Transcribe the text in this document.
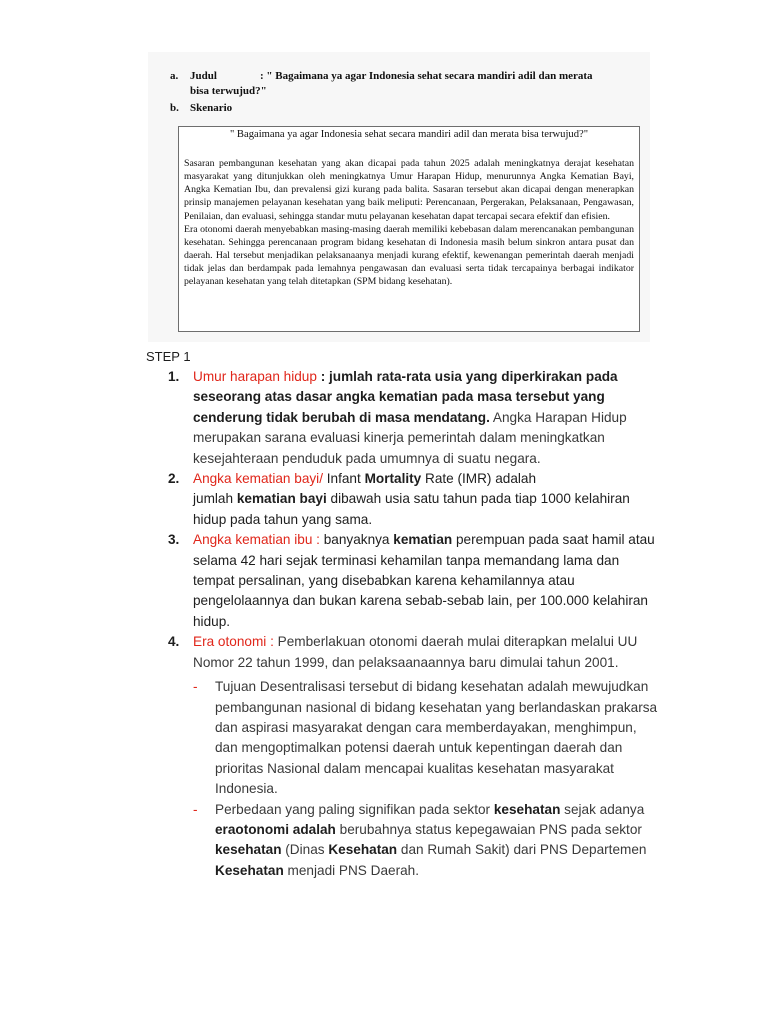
a. Judul	: " Bagaimana ya agar Indonesia sehat secara mandiri adil dan merata
bisa terwujud?"
b. Skenario
" Bagaimana ya agar Indonesia sehat secara mandiri adil dan merata bisa terwujud?"

Sasaran pembangunan kesehatan yang akan dicapai pada tahun 2025 adalah meningkatnya derajat kesehatan masyarakat yang ditunjukkan oleh meningkatnya Umur Harapan Hidup, menurunnya Angka Kematian Bayi, Angka Kematian Ibu, dan prevalensi gizi kurang pada balita. Sasaran tersebut akan dicapai dengan menerapkan prinsip manajemen pelayanan kesehatan yang baik meliputi: Perencanaan, Pergerakan, Pelaksanaan, Pengawasan, Penilaian, dan evaluasi, sehingga standar mutu pelayanan kesehatan dapat tercapai secara efektif dan efisien.

Era otonomi daerah menyebabkan masing-masing daerah memiliki kebebasan dalam merencanakan pembangunan kesehatan. Sehingga perencanaan program bidang kesehatan di Indonesia masih belum sinkron antara pusat dan daerah. Hal tersebut menjadikan pelaksanaanya menjadi kurang efektif, kewenangan pemerintah daerah menjadi tidak jelas dan berdampak pada lemahnya pengawasan dan evaluasi serta tidak tercapainya berbagai indikator pelayanan kesehatan yang telah ditetapkan (SPM bidang kesehatan).

STEP 1
1. Umur harapan hidup : jumlah rata-rata usia yang diperkirakan pada seseorang atas dasar angka kematian pada masa tersebut yang cenderung tidak berubah di masa mendatang. Angka Harapan Hidup merupakan sarana evaluasi kinerja pemerintah dalam meningkatkan kesejahteraan penduduk pada umumnya di suatu negara.
2. Angka kematian bayi/ Infant Mortality Rate (IMR) adalah
jumlah kematian bayi dibawah usia satu tahun pada tiap 1000 kelahiran hidup pada tahun yang sama.
3. Angka kematian ibu : banyaknya kematian perempuan pada saat hamil atau selama 42 hari sejak terminasi kehamilan tanpa memandang lama dan tempat persalinan, yang disebabkan karena kehamilannya atau pengelolaannya dan bukan karena sebab-sebab lain, per 100.000 kelahiran hidup.
4. Era otonomi : Pemberlakuan otonomi daerah mulai diterapkan melalui UU Nomor 22 tahun 1999, dan pelaksaanaannya baru dimulai tahun 2001.
- Tujuan Desentralisasi tersebut di bidang kesehatan adalah mewujudkan pembangunan nasional di bidang kesehatan yang berlandaskan prakarsa dan aspirasi masyarakat dengan cara memberdayakan, menghimpun, dan mengoptimalkan potensi daerah untuk kepentingan daerah dan prioritas Nasional dalam mencapai kualitas kesehatan masyarakat Indonesia.
- Perbedaan yang paling signifikan pada sektor kesehatan sejak adanya eraotonomi adalah berubahnya status kepegawaian PNS pada sektor kesehatan (Dinas Kesehatan dan Rumah Sakit) dari PNS Departemen Kesehatan menjadi PNS Daerah.
